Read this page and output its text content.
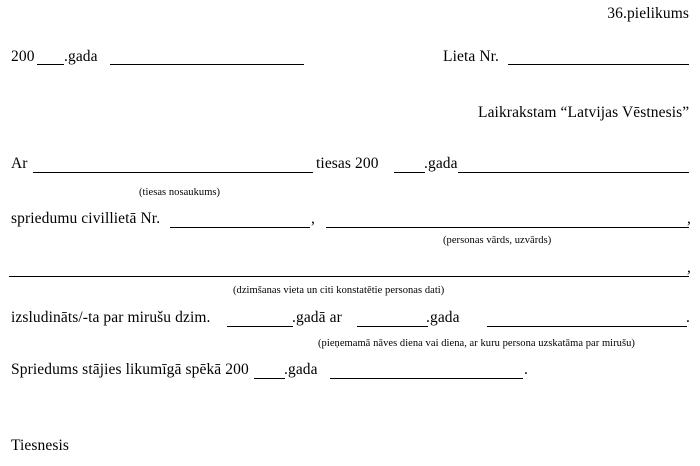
36.pielikums
200 .gada	Lieta Nr.
Laikrakstam “Latvijas Vēstnesis”
Ar	tiesas 200	.gada
(tiesas nosaukums)
spriedumu civillietā Nr.	,	,
(personas vārds, uzvārds)
,
(dzimšanas vieta un citi konstatētie personas dati)
izsludināts/-ta par mirušu dzim.	.gadā ar	.gada	.
(pieņemamā nāves diena vai diena, ar kuru persona uzskatāma par mirušu)
Spriedums stājies likumīgā spēkā 200 .gada	.
Tiesnesis
